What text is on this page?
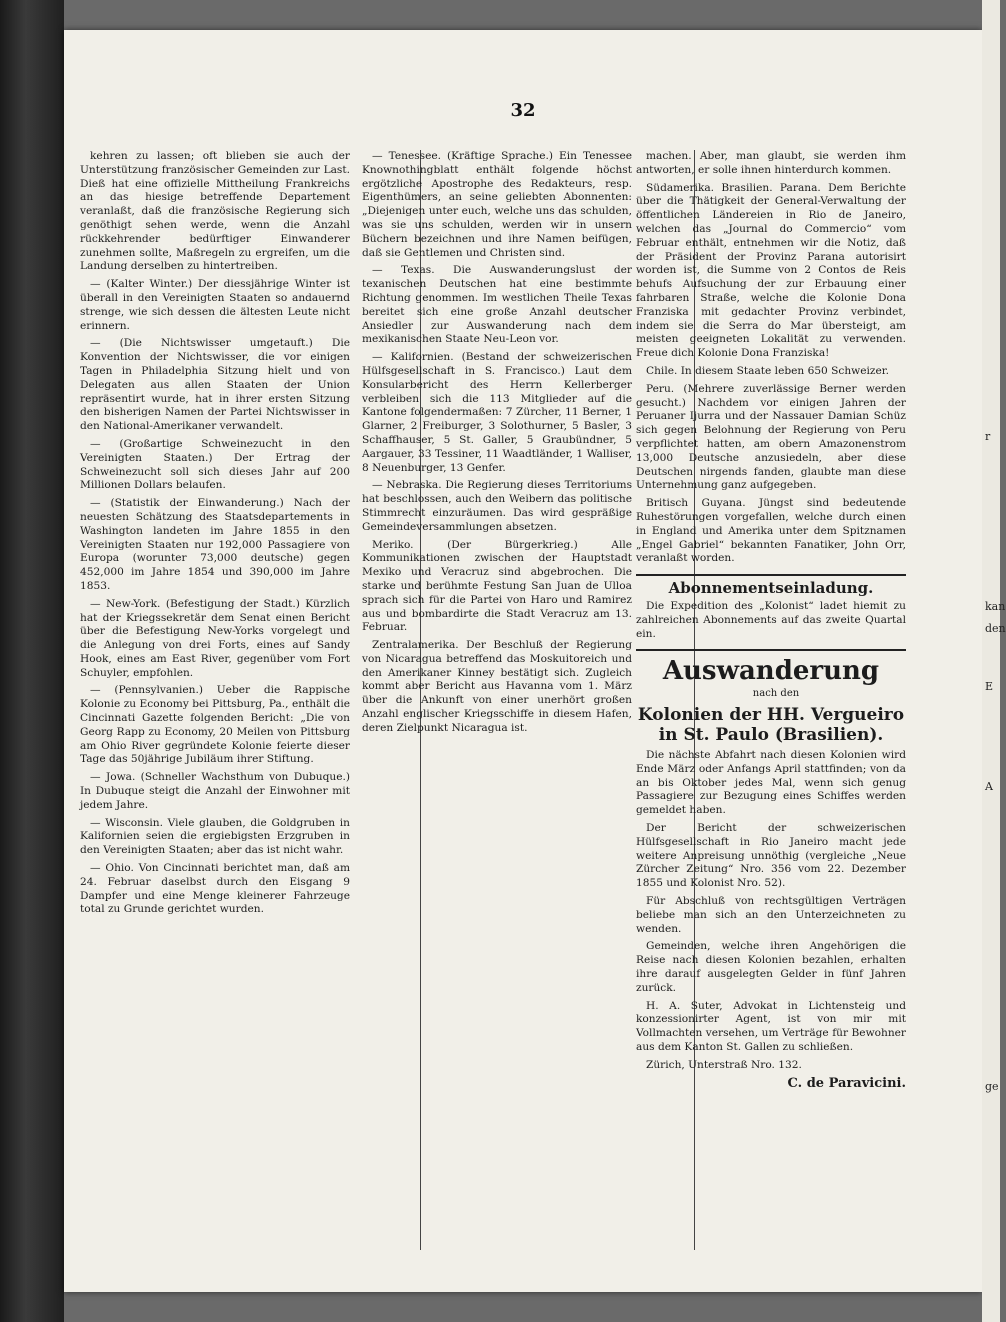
32

kehren zu lassen; oft blieben sie auch der Unterstützung französischer Gemeinden zur Last. Dieß hat eine offizielle Mittheilung Frankreichs an das hiesige betreffende Departement veranlaßt, daß die französische Regierung sich genöthigt sehen werde, wenn die Anzahl rückkehrender bedürftiger Einwanderer zunehmen sollte, Maßregeln zu ergreifen, um die Landung derselben zu hintertreiben.

— (Kalter Winter.) Der diessjährige Winter ist überall in den Vereinigten Staaten so andauernd strenge, wie sich dessen die ältesten Leute nicht erinnern.

— (Die Nichtswisser umgetauft.) Die Konvention der Nichtswisser, die vor einigen Tagen in Philadelphia Sitzung hielt und von Delegaten aus allen Staaten der Union repräsentirt wurde, hat in ihrer ersten Sitzung den bisherigen Namen der Partei Nichtswisser in den National-Amerikaner verwandelt.

— (Großartige Schweinezucht in den Vereinigten Staaten.) Der Ertrag der Schweinezucht soll sich dieses Jahr auf 200 Millionen Dollars belaufen.

— (Statistik der Einwanderung.) Nach der neuesten Schätzung des Staatsdepartements in Washington landeten im Jahre 1855 in den Vereinigten Staaten nur 192,000 Passagiere von Europa (worunter 73,000 deutsche) gegen 452,000 im Jahre 1854 und 390,000 im Jahre 1853.

— New-York. (Befestigung der Stadt.) Kürzlich hat der Kriegssekretär dem Senat einen Bericht über die Befestigung New-Yorks vorgelegt und die Anlegung von drei Forts, eines auf Sandy Hook, eines am East River, gegenüber vom Fort Schuyler, empfohlen.

— (Pennsylvanien.) Ueber die Rappische Kolonie zu Economy bei Pittsburg, Pa., enthält die Cincinnati Gazette folgenden Bericht: „Die von Georg Rapp zu Economy, 20 Meilen von Pittsburg am Ohio River gegründete Kolonie feierte dieser Tage das 50jährige Jubiläum ihrer Stiftung.

— Jowa. (Schneller Wachsthum von Dubuque.) In Dubuque steigt die Anzahl der Einwohner mit jedem Jahre.

— Wisconsin. Viele glauben, die Goldgruben in Kalifornien seien die ergiebigsten Erzgruben in den Vereinigten Staaten; aber das ist nicht wahr.

— Ohio. Von Cincinnati berichtet man, daß am 24. Februar daselbst durch den Eisgang 9 Dampfer und eine Menge kleinerer Fahrzeuge total zu Grunde gerichtet wurden.

— Tenessee. (Kräftige Sprache.) Ein Tenessee Knownothingblatt enthält folgende höchst ergötzliche Apostrophe des Redakteurs, resp. Eigenthümers, an seine geliebten Abonnenten: „Diejenigen unter euch, welche uns das schulden, was sie uns schulden, werden wir in unsern Büchern bezeichnen und ihre Namen beifügen, daß sie Gentlemen und Christen sind.

— Texas. Die Auswanderungslust der texanischen Deutschen hat eine bestimmte Richtung genommen. Im westlichen Theile Texas bereitet sich eine große Anzahl deutscher Ansiedler zur Auswanderung nach dem mexikanischen Staate Neu-Leon vor.

— Kalifornien. (Bestand der schweizerischen Hülfsgesellschaft in S. Francisco.) Laut dem Konsularbericht des Herrn Kellerberger verbleiben sich die 113 Mitglieder auf die Kantone folgendermaßen: 7 Zürcher, 11 Berner, 1 Glarner, 2 Freiburger, 3 Solothurner, 5 Basler, 3 Schaffhauser, 5 St. Galler, 5 Graubündner, 5 Aargauer, 33 Tessiner, 11 Waadtländer, 1 Walliser, 8 Neuenburger, 13 Genfer.

— Nebraska. Die Regierung dieses Territoriums hat beschlossen, auch den Weibern das politische Stimmrecht einzuräumen. Das wird gespräßige Gemeindeversammlungen absetzen.

Meriko. (Der Bürgerkrieg.) Alle Kommunikationen zwischen der Hauptstadt Mexiko und Veracruz sind abgebrochen. Die starke und berühmte Festung San Juan de Ulloa sprach sich für die Partei von Haro und Ramirez aus und bombardirte die Stadt Veracruz am 13. Februar.

Zentralamerika. Der Beschluß der Regierung von Nicaragua betreffend das Moskuitoreich und den Amerikaner Kinney bestätigt sich. Zugleich kommt aber Bericht aus Havanna vom 1. März über die Ankunft von einer unerhört großen Anzahl englischer Kriegsschiffe in diesem Hafen, deren Zielpunkt Nicaragua ist.

machen. Aber, man glaubt, sie werden ihm antworten, er solle ihnen hinterdurch kommen.

Südamerika. Brasilien. Parana. Dem Berichte über die Thätigkeit der General-Verwaltung der öffentlichen Ländereien in Rio de Janeiro, welchen das „Journal do Commercio“ vom Februar enthält, entnehmen wir die Notiz, daß der Präsident der Provinz Parana autorisirt worden ist, die Summe von 2 Contos de Reis behufs Aufsuchung der zur Erbauung einer fahrbaren Straße, welche die Kolonie Dona Franziska mit gedachter Provinz verbindet, indem sie die Serra do Mar übersteigt, am meisten geeigneten Lokalität zu verwenden. Freue dich Kolonie Dona Franziska!

Chile. In diesem Staate leben 650 Schweizer.

Peru. (Mehrere zuverlässige Berner werden gesucht.) Nachdem vor einigen Jahren der Peruaner Ijurra und der Nassauer Damian Schüz sich gegen Belohnung der Regierung von Peru verpflichtet hatten, am obern Amazonenstrom 13,000 Deutsche anzusiedeln, aber diese Deutschen nirgends fanden, glaubte man diese Unternehmung ganz aufgegeben.

Britisch Guyana. Jüngst sind bedeutende Ruhestörungen vorgefallen, welche durch einen in England und Amerika unter dem Spitznamen „Engel Gabriel“ bekannten Fanatiker, John Orr, veranlaßt worden.

Abonnementseinladung.

Die Expedition des „Kolonist“ ladet hiemit zu zahlreichen Abonnements auf das zweite Quartal ein.

Auswanderung

nach den

Kolonien der HH. Vergueiro in St. Paulo (Brasilien).

Die nächste Abfahrt nach diesen Kolonien wird Ende März oder Anfangs April stattfinden; von da an bis Oktober jedes Mal, wenn sich genug Passagiere zur Bezugung eines Schiffes werden gemeldet haben.

Der Bericht der schweizerischen Hülfsgesellschaft in Rio Janeiro macht jede weitere Anpreisung unnöthig (vergleiche „Neue Zürcher Zeitung“ Nro. 356 vom 22. Dezember 1855 und Kolonist Nro. 52).

Für Abschluß von rechtsgültigen Verträgen beliebe man sich an den Unterzeichneten zu wenden.

Gemeinden, welche ihren Angehörigen die Reise nach diesen Kolonien bezahlen, erhalten ihre darauf ausgelegten Gelder in fünf Jahren zurück.

H. A. Suter, Advokat in Lichtensteig und konzessionirter Agent, ist von mir mit Vollmachten versehen, um Verträge für Bewohner aus dem Kanton St. Gallen zu schließen.

Zürich, Unterstraß Nro. 132.

C. de Paravicini.
r
kan
den
E
A
ge
